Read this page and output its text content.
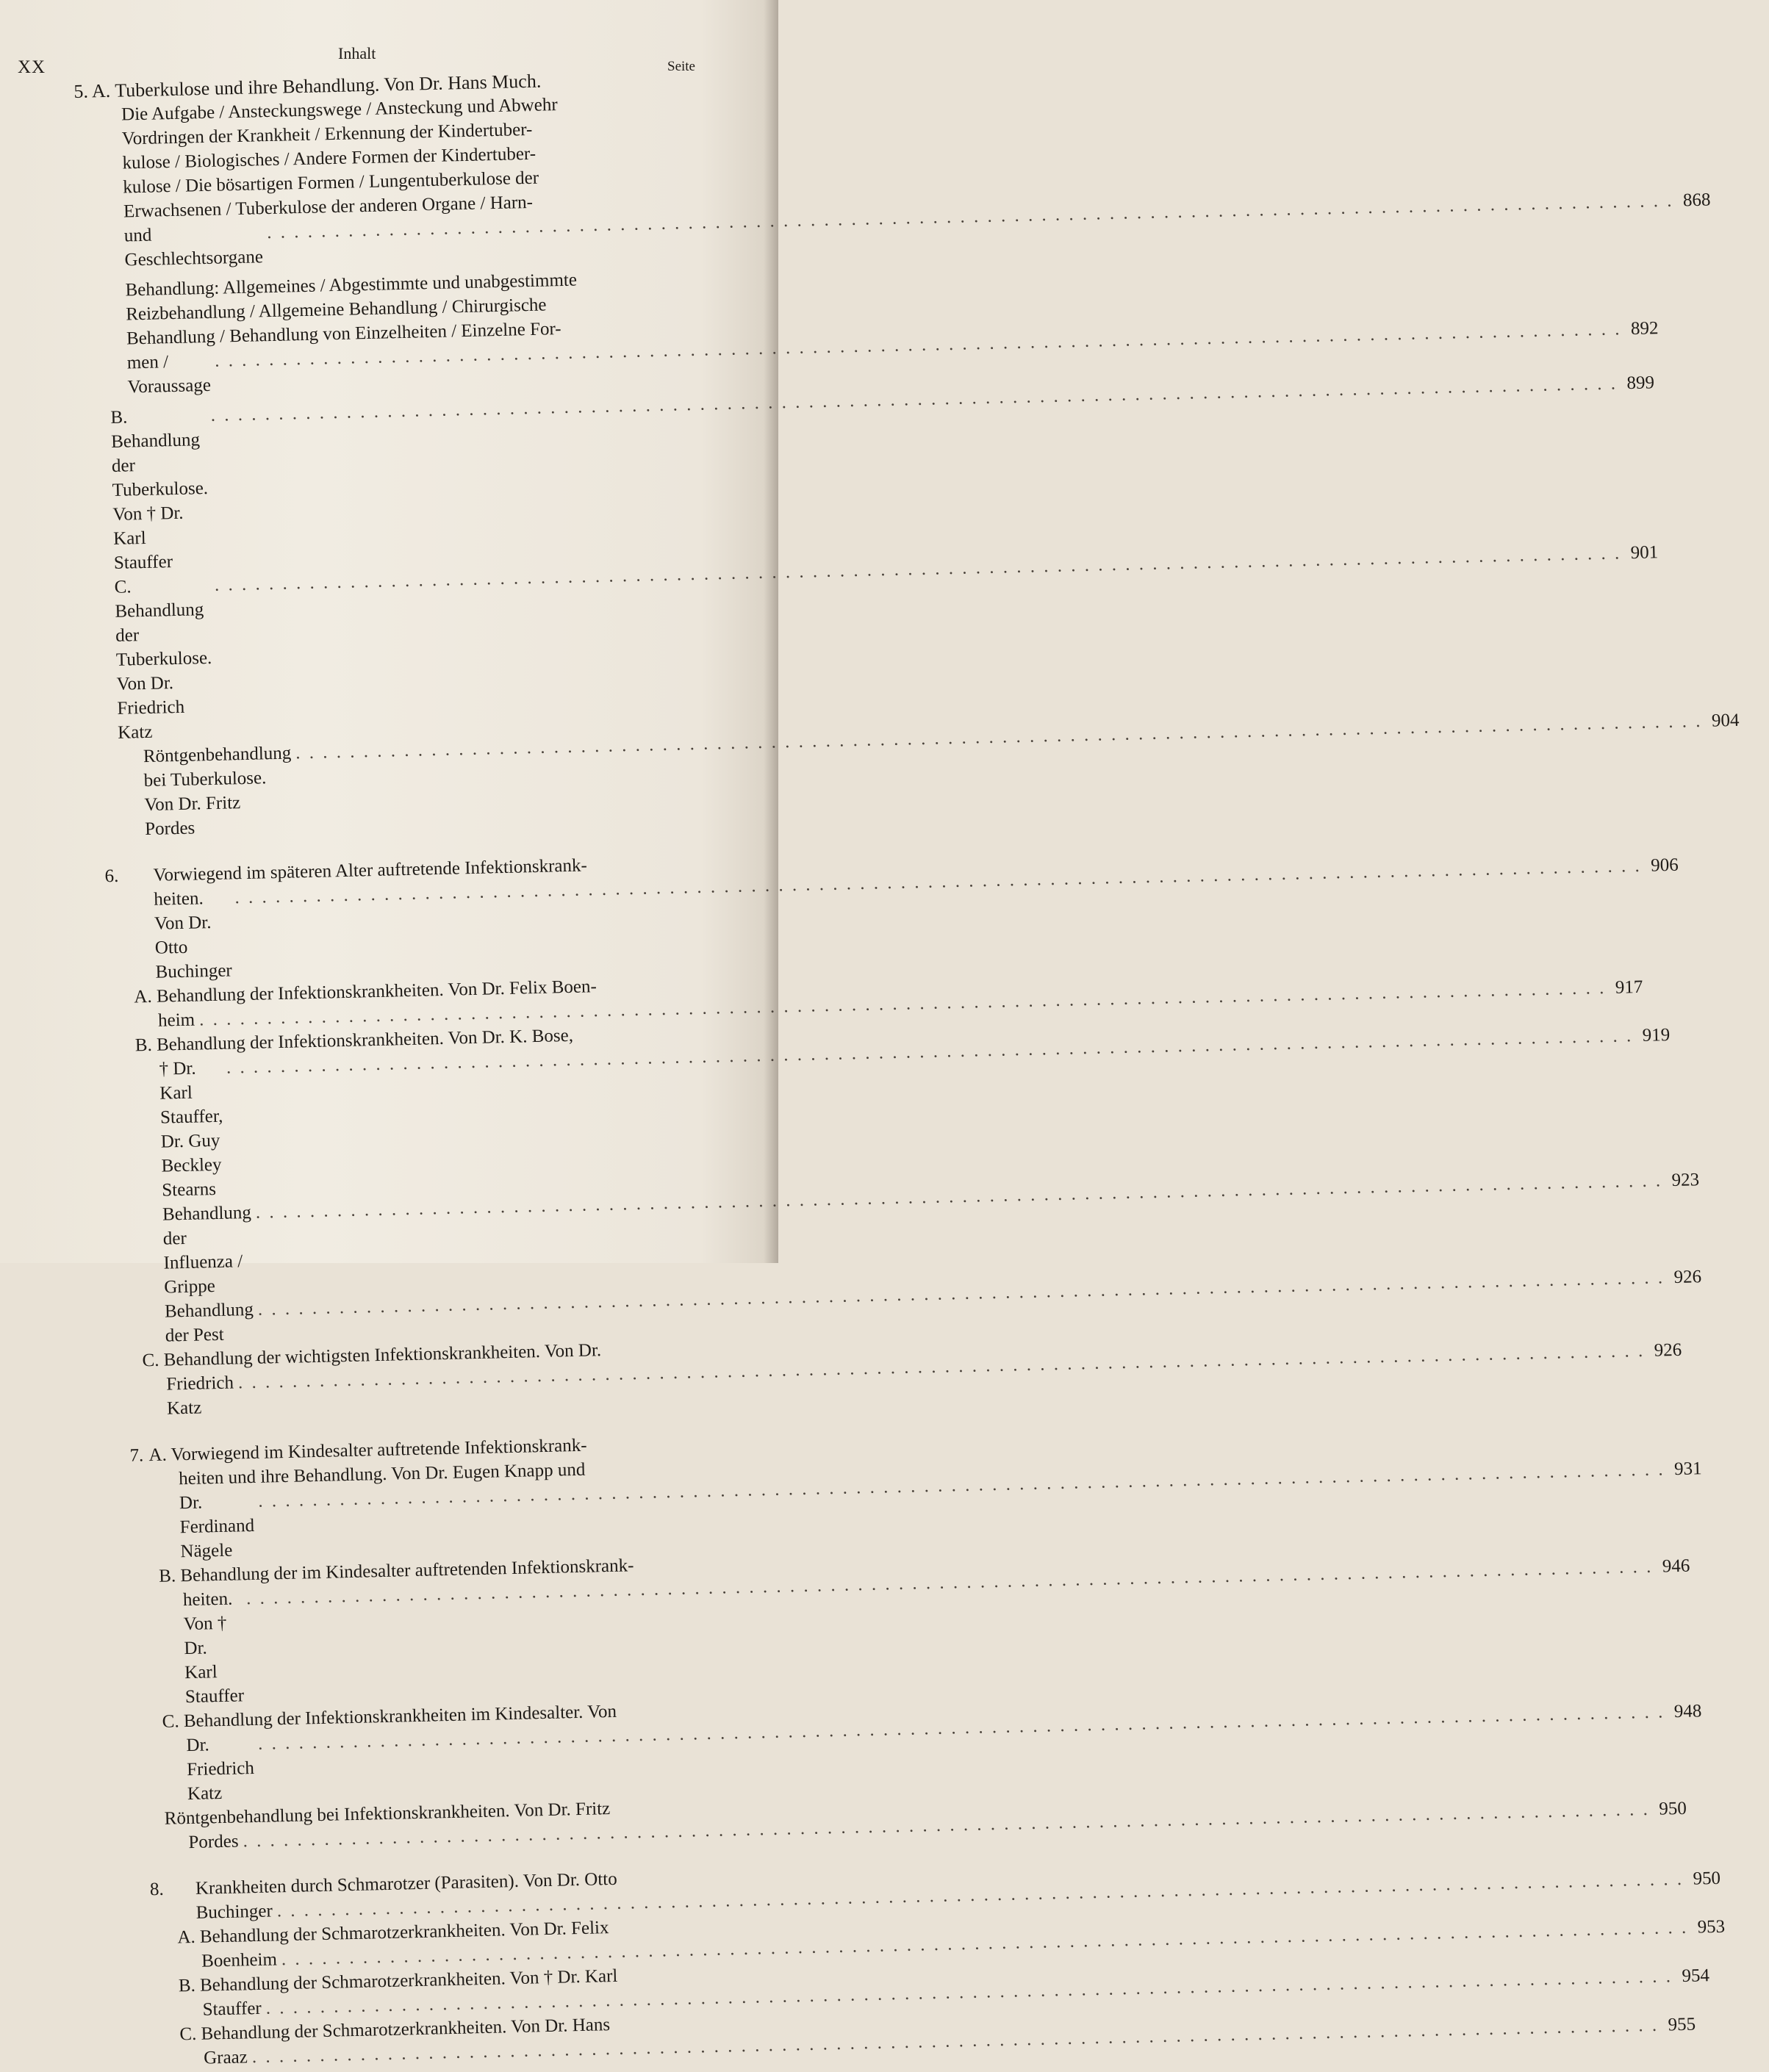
XX
Inhalt
Seite
5. A. Tuberkulose und ihre Behandlung. Von Dr. Hans Much.
Die Aufgabe / Ansteckungswege / Ansteckung und Abwehr
Vordringen der Krankheit / Erkennung der Kindertuber-
kulose / Biologisches / Andere Formen der Kindertuber-
kulose / Die bösartigen Formen / Lungentuberkulose der
Erwachsenen / Tuberkulose der anderen Organe / Harn-
und Geschlechtsorgane
. . .
868
Behandlung: Allgemeines / Abgestimmte und unabgestimmte
Reizbehandlung / Allgemeine Behandlung / Chirurgische
Behandlung / Behandlung von Einzelheiten / Einzelne For-
men / Voraussage
. . .
892
B. Behandlung der Tuberkulose. Von † Dr. Karl Stauffer
. . .
899
C. Behandlung der Tuberkulose. Von Dr. Friedrich Katz
. . .
901
Röntgenbehandlung bei Tuberkulose. Von Dr. Fritz Pordes
. . .
904
6.	Vorwiegend im späteren Alter auftretende Infektionskrank-
heiten. Von Dr. Otto Buchinger
. . .
906
A. Behandlung der Infektionskrankheiten. Von Dr. Felix Boen-
heim
. . .
917
B. Behandlung der Infektionskrankheiten. Von Dr. K. Bose,
† Dr. Karl Stauffer, Dr. Guy Beckley Stearns
. . .
919
Behandlung der Influenza / Grippe
. . .
923
Behandlung der Pest
. . .
926
C. Behandlung der wichtigsten Infektionskrankheiten. Von Dr.
Friedrich Katz
. . .
926
7. A. Vorwiegend im Kindesalter auftretende Infektionskrank-
heiten und ihre Behandlung. Von Dr. Eugen Knapp und
Dr. Ferdinand Nägele
. . .
931
B. Behandlung der im Kindesalter auftretenden Infektionskrank-
heiten. Von † Dr. Karl Stauffer
. . .
946
C. Behandlung der Infektionskrankheiten im Kindesalter. Von
Dr. Friedrich Katz
. . .
948
Röntgenbehandlung bei Infektionskrankheiten. Von Dr. Fritz
Pordes
. . .
950
8.	Krankheiten durch Schmarotzer (Parasiten). Von Dr. Otto
Buchinger
. . .
950
A. Behandlung der Schmarotzerkrankheiten. Von Dr. Felix
Boenheim
. . .
953
B. Behandlung der Schmarotzerkrankheiten. Von † Dr. Karl
Stauffer
. . .
954
C. Behandlung der Schmarotzerkrankheiten. Von Dr. Hans
Graaz
. . .
955
